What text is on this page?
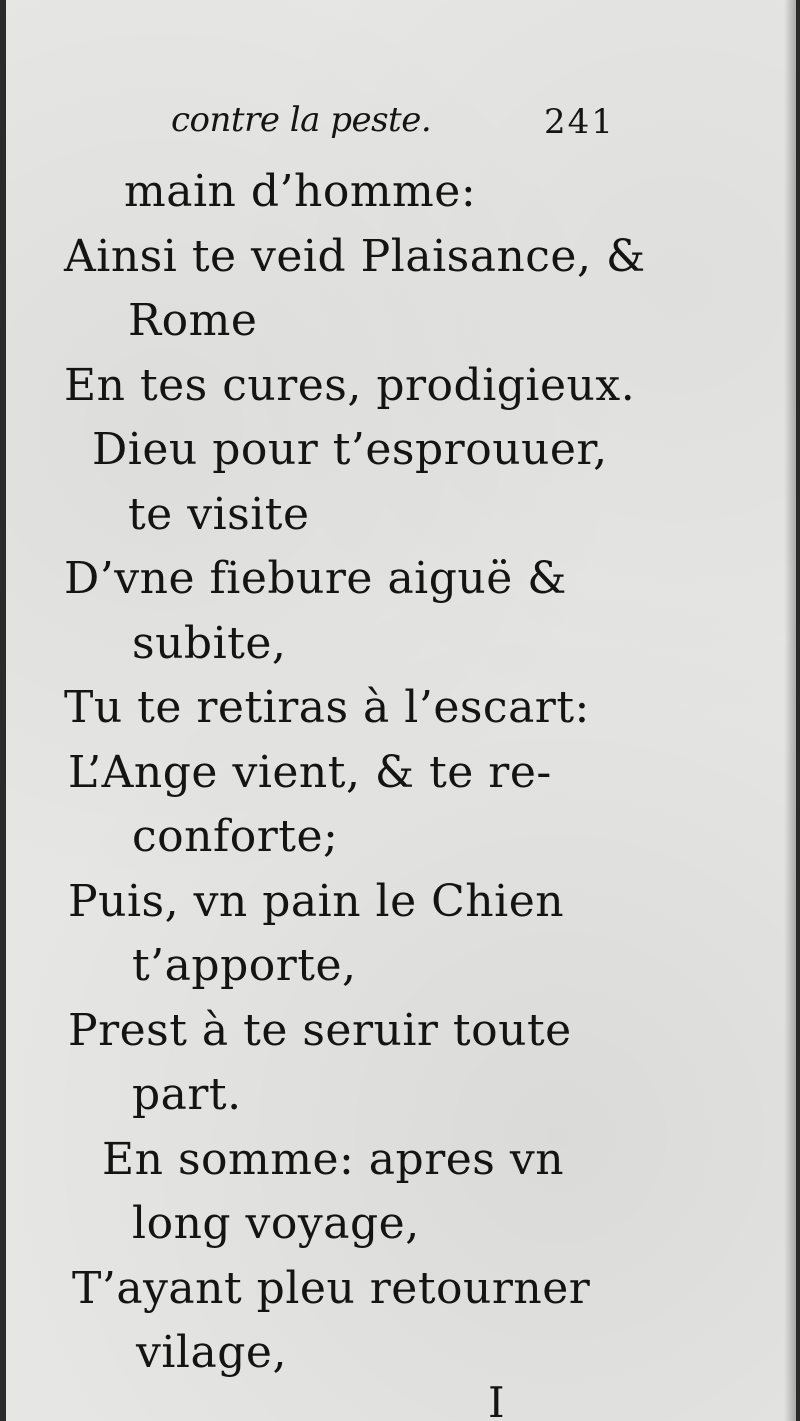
contre la peste.	241
main d’homme:
Ainsi te veid Plaisance, &
Rome
En tes cures, prodigieux.
Dieu pour t’esprouuer,
te visite
D’vne fiebure aiguë &
subite,
Tu te retiras à l’escart:
L’Ange vient, & te re-
conforte;
Puis, vn pain le Chien
t’apporte,
Prest à te seruir toute
part.
En somme: apres vn
long voyage,
T’ayant pleu retourner
vilage,
I
